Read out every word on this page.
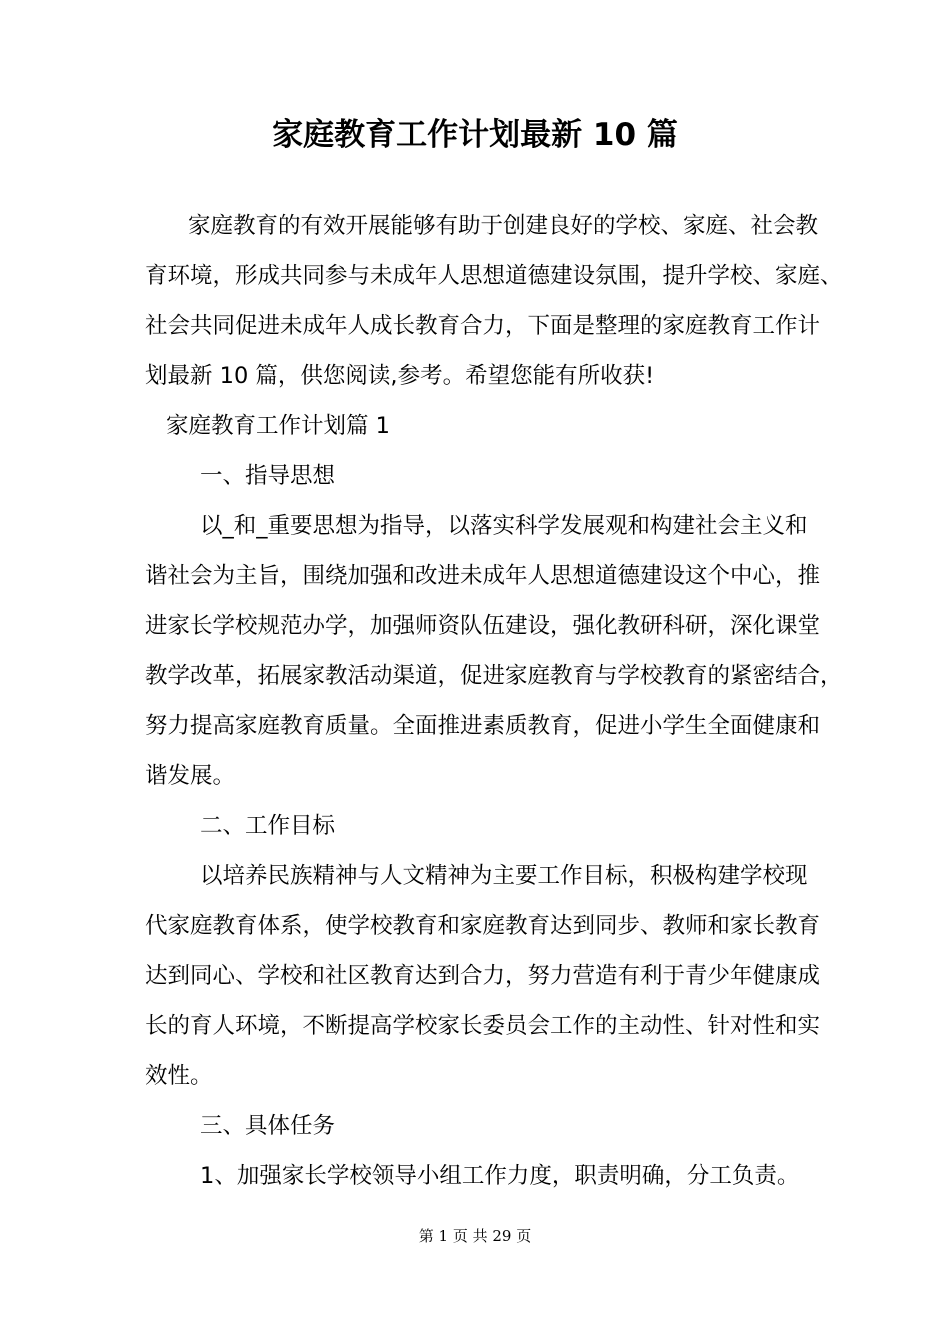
家庭教育工作计划最新 10 篇
家庭教育的有效开展能够有助于创建良好的学校、家庭、社会教
育环境，形成共同参与未成年人思想道德建设氛围，提升学校、家庭、
社会共同促进未成年人成长教育合力，下面是整理的家庭教育工作计
划最新 10 篇，供您阅读,参考。希望您能有所收获!
家庭教育工作计划篇 1
一、指导思想
以_和_重要思想为指导，以落实科学发展观和构建社会主义和
谐社会为主旨，围绕加强和改进未成年人思想道德建设这个中心，推
进家长学校规范办学，加强师资队伍建设，强化教研科研，深化课堂
教学改革，拓展家教活动渠道，促进家庭教育与学校教育的紧密结合，
努力提高家庭教育质量。全面推进素质教育，促进小学生全面健康和
谐发展。
二、工作目标
以培养民族精神与人文精神为主要工作目标，积极构建学校现
代家庭教育体系，使学校教育和家庭教育达到同步、教师和家长教育
达到同心、学校和社区教育达到合力，努力营造有利于青少年健康成
长的育人环境，不断提高学校家长委员会工作的主动性、针对性和实
效性。
三、具体任务
1、加强家长学校领导小组工作力度，职责明确，分工负责。
第 1 页 共 29 页
